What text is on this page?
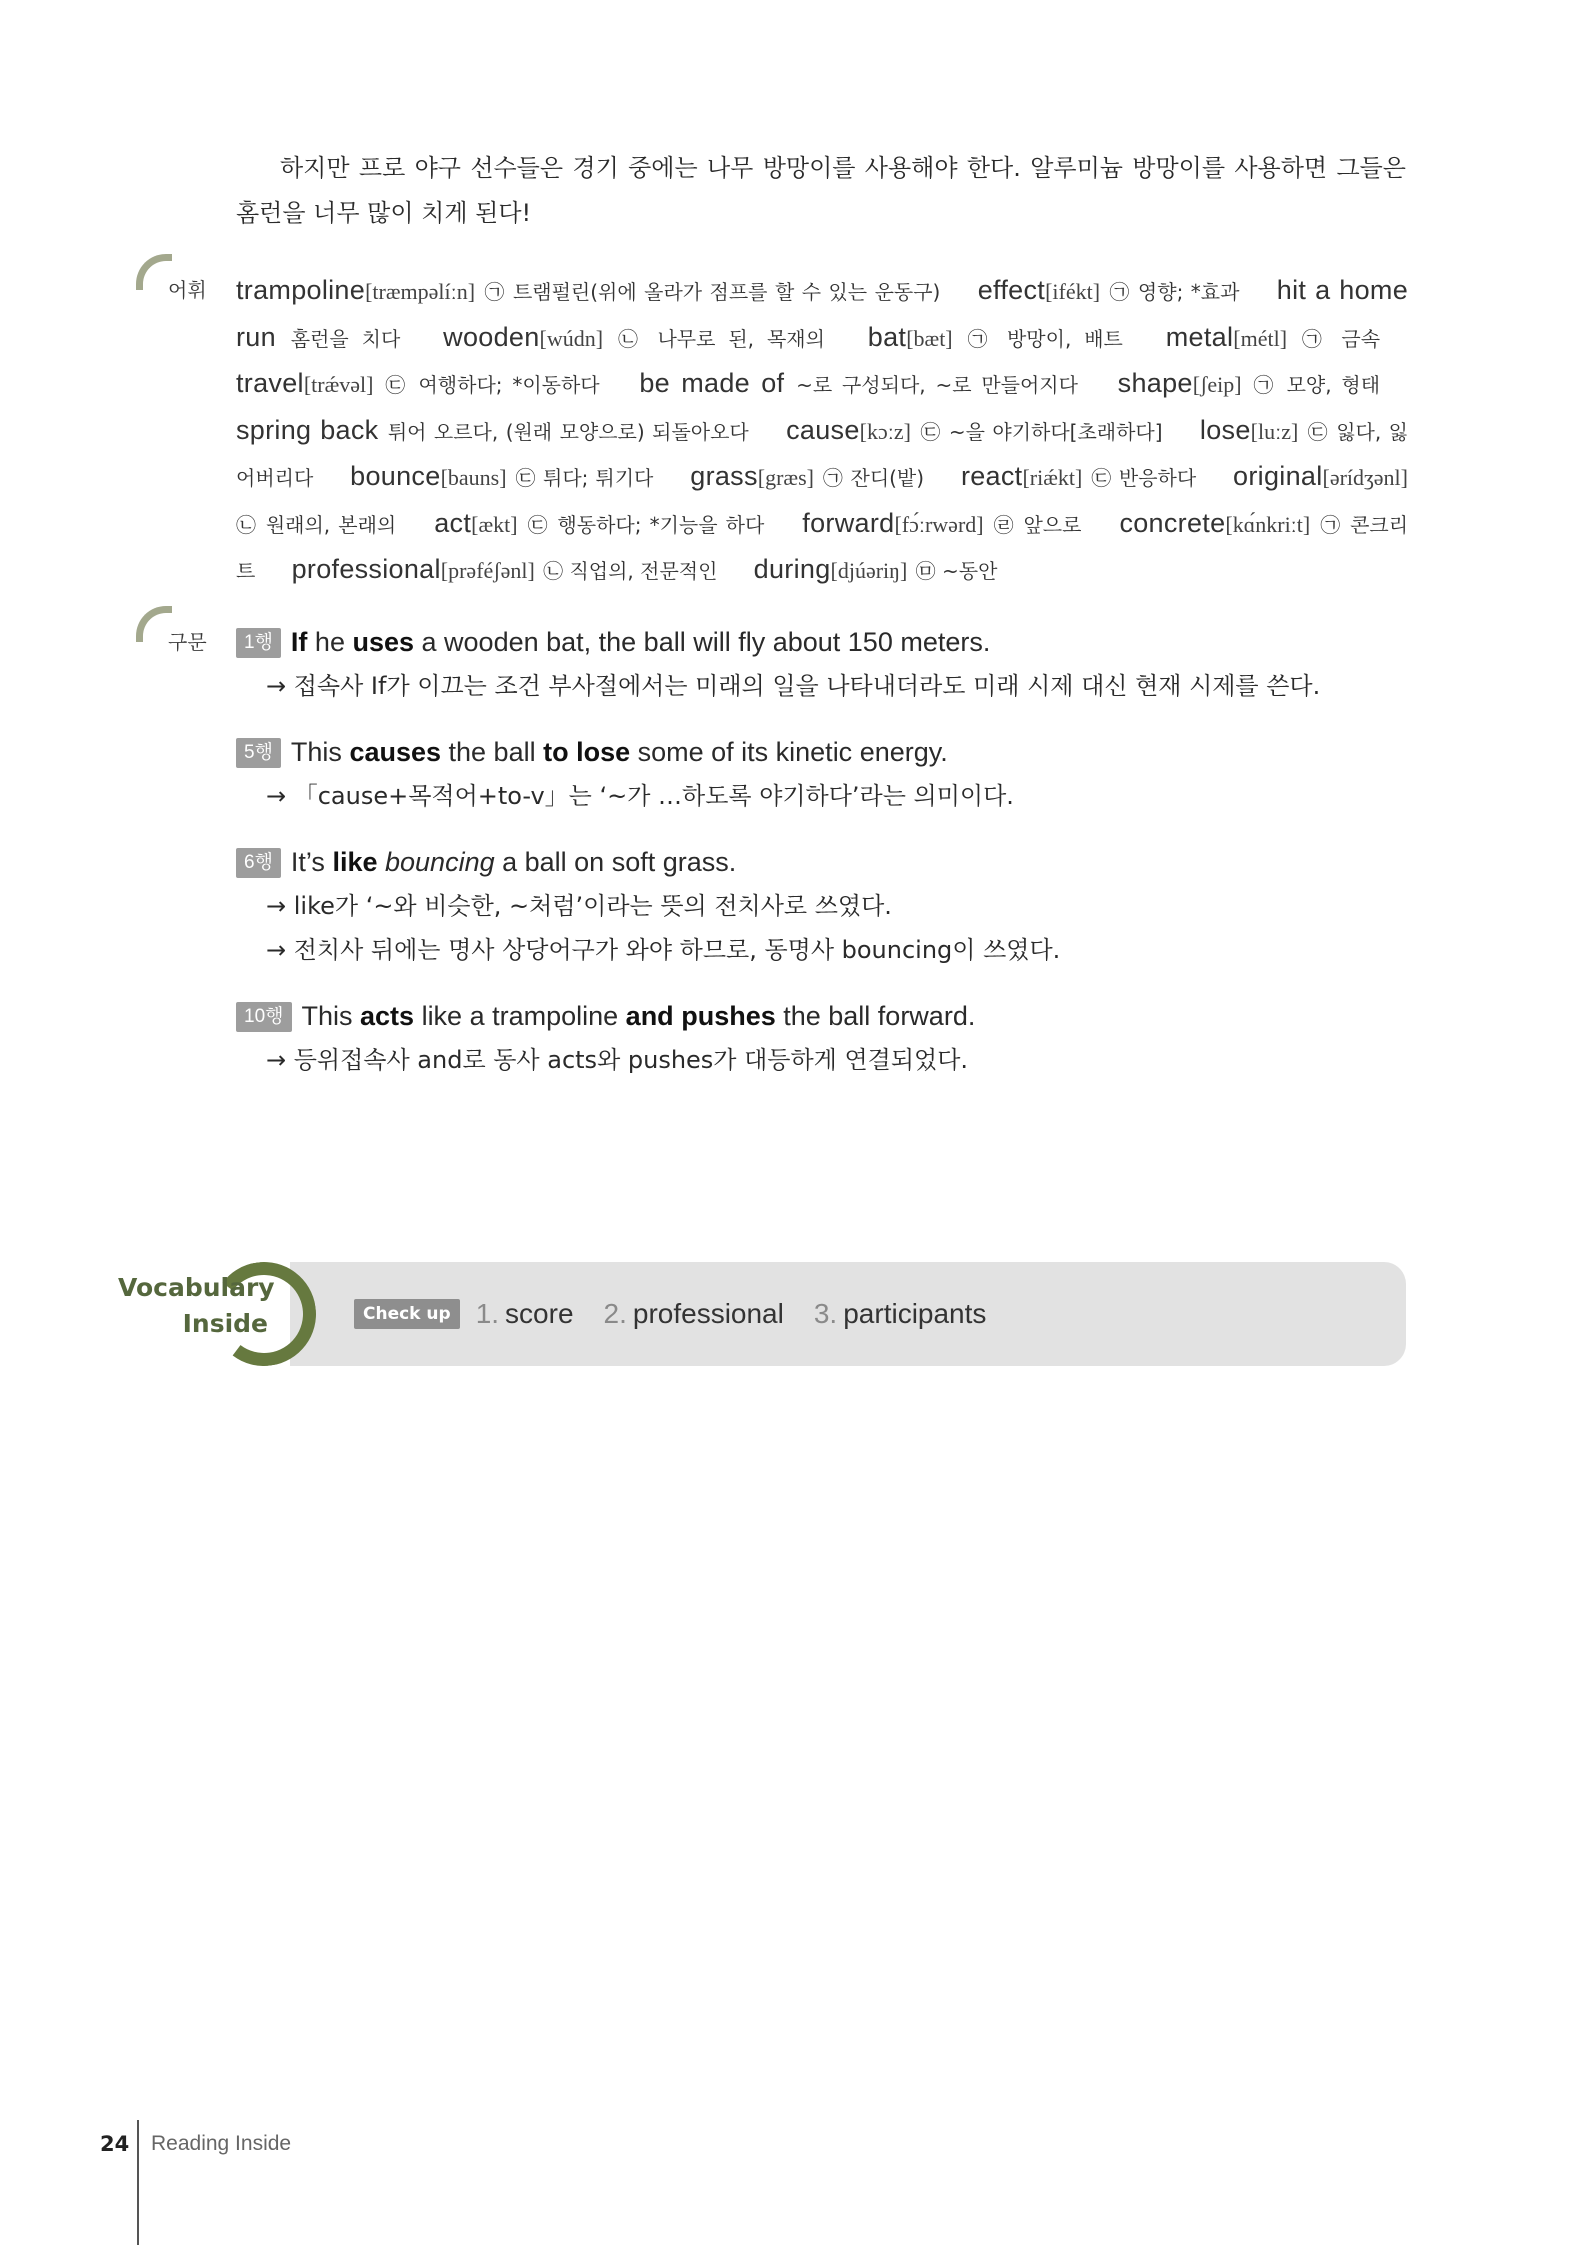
하지만 프로 야구 선수들은 경기 중에는 나무 방망이를 사용해야 한다. 알루미늄 방망이를 사용하면 그들은 홈런을 너무 많이 치게 된다!

어휘 trampoline[træmpəlíːn] ㉠ 트램펄린(위에 올라가 점프를 할 수 있는 운동구) effect[ifékt] ㉠ 영향; *효과 hit a home run 홈런을 치다 wooden[wúdn] ㉡ 나무로 된, 목재의 bat[bæt] ㉠ 방망이, 배트 metal[métl] ㉠ 금속 travel[trǽvəl] ㉢ 여행하다; *이동하다 be made of ~로 구성되다, ~로 만들어지다 shape[ʃeip] ㉠ 모양, 형태 spring back 튀어 오르다, (원래 모양으로) 되돌아오다 cause[kɔːz] ㉢ ~을 야기하다[초래하다] lose[luːz] ㉢ 잃다, 잃어버리다 bounce[bauns] ㉢ 튀다; 튀기다 grass[græs] ㉠ 잔디(밭) react[riǽkt] ㉢ 반응하다 original[ərídʒənl] ㉡ 원래의, 본래의 act[ækt] ㉢ 행동하다; *기능을 하다 forward[fɔ́ːrwərd] ㉣ 앞으로 concrete[kɑ́nkriːt] ㉠ 콘크리트 professional[prəféʃənl] ㉡ 직업의, 전문적인 during[djúəriŋ] ㉤ ~동안

구문	1행 If he uses a wooden bat, the ball will fly about 150 meters.
→ 접속사 If가 이끄는 조건 부사절에서는 미래의 일을 나타내더라도 미래 시제 대신 현재 시제를 쓴다.
5행 This causes the ball to lose some of its kinetic energy.
→ 「cause+목적어+to-v」는 ‘~가 …하도록 야기하다’라는 의미이다.
6행 It’s like bouncing a ball on soft grass.
→ like가 ‘~와 비슷한, ~처럼’이라는 뜻의 전치사로 쓰였다.
→ 전치사 뒤에는 명사 상당어구가 와야 하므로, 동명사 bouncing이 쓰였다.
10행 This acts like a trampoline and pushes the ball forward.
→ 등위접속사 and로 동사 acts와 pushes가 대등하게 연결되었다.
Vocabulary
Inside	Check up 1. score 2. professional 3. participants
24 Reading Inside
